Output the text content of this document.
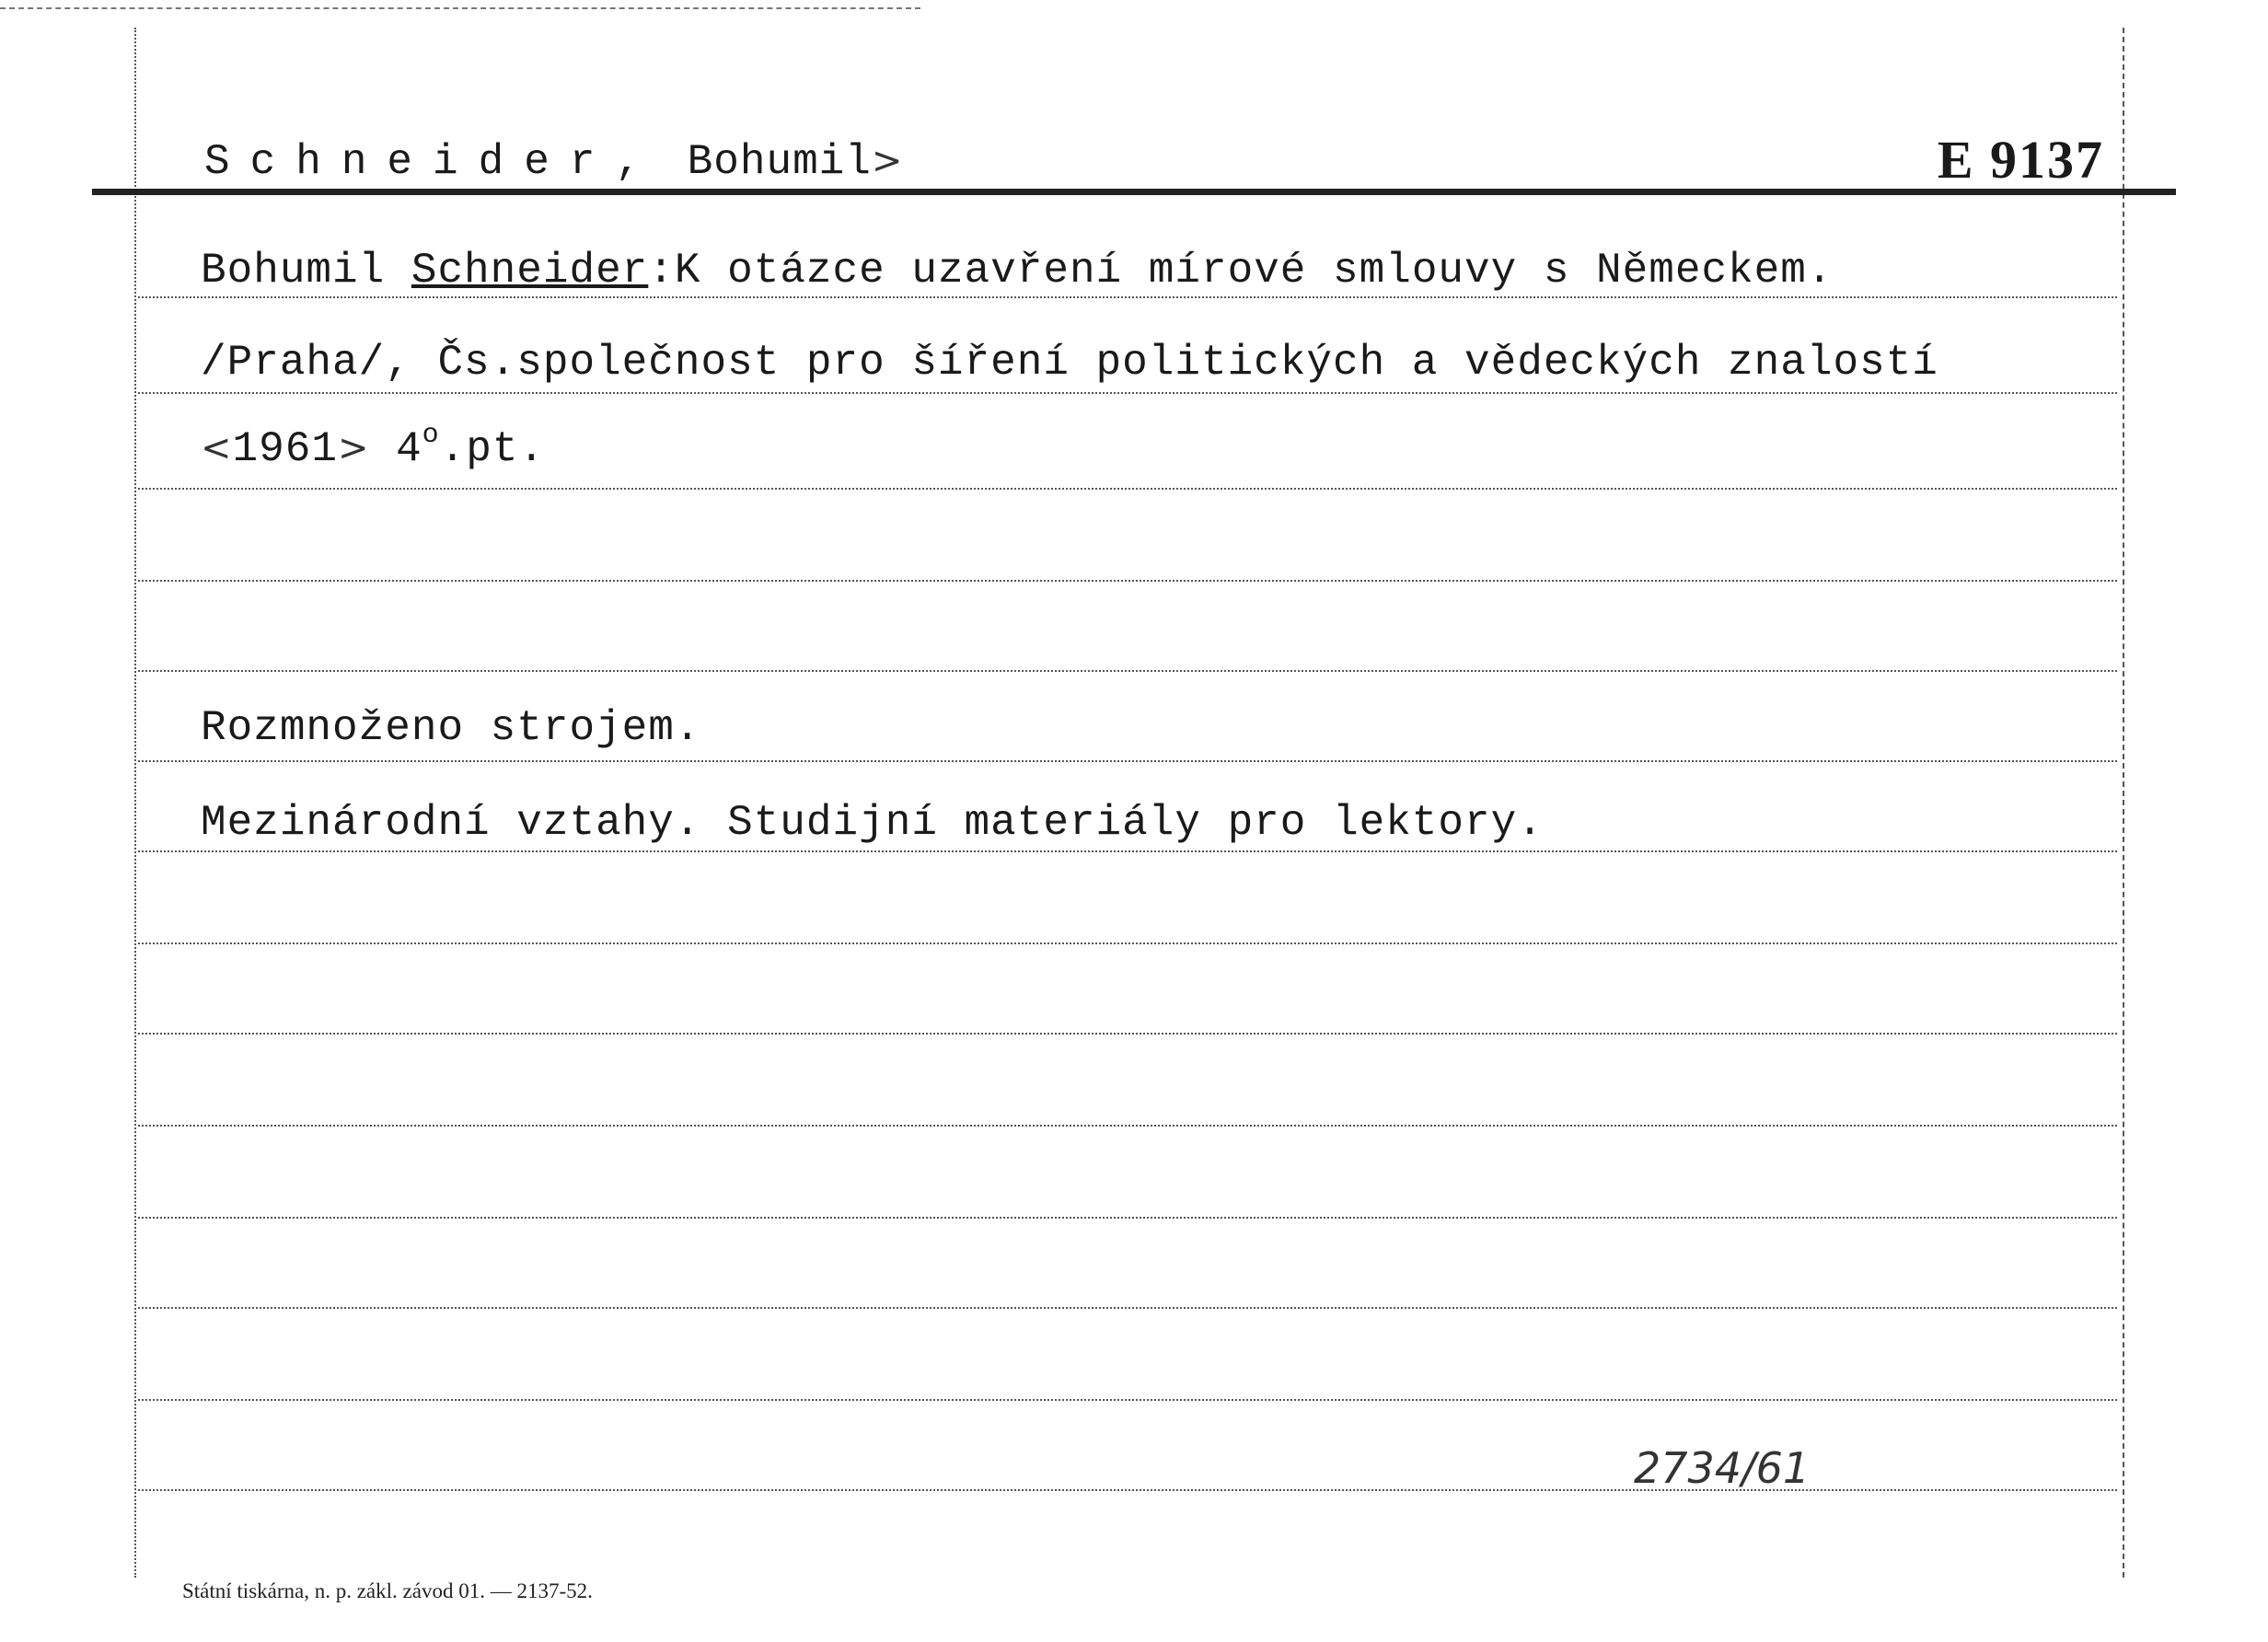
Schneider, Bohumil>	E 9137
Bohumil Schneider:K otázce uzavření mírové smlouvy s Německem.
/Praha/, Čs.společnost pro šíření politických a vědeckých znalostí
$<1961> 4^o.pt$.
Rozmnoženo strojem.
Mezinárodní vztahy. Studijní materiály pro lektory.
2734/61
Státní tiskárna, n. p. zákl. závod 01. — 2137-52.
